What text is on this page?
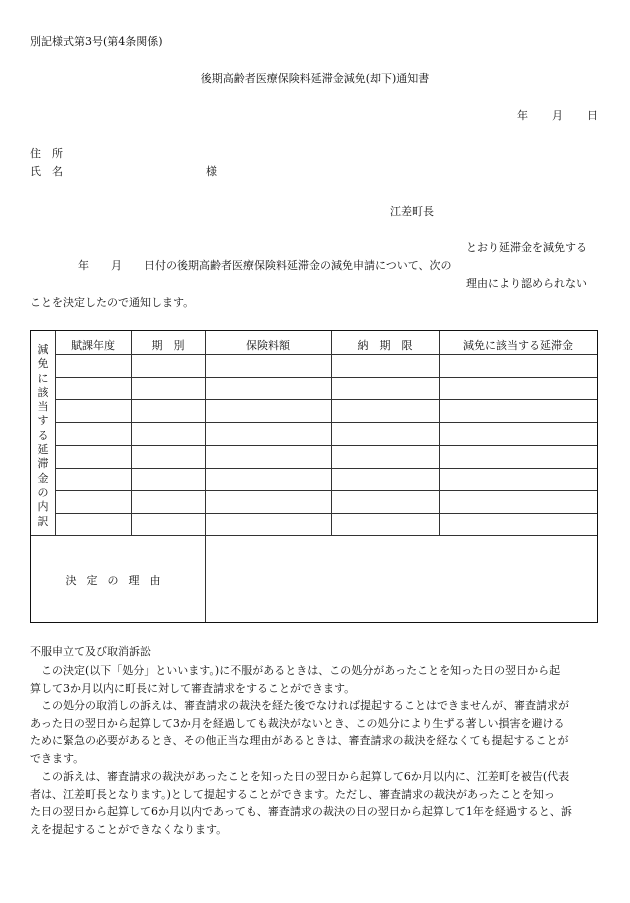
別記様式第3号(第4条関係)
後期高齢者医療保険料延滞金減免(却下)通知書
年 月 日
住　所
氏　名	様
江差町長
とおり延滞金を減免する
年　　月　　日付の後期高齢者医療保険料延滞金の減免申請について、次の
理由により認められない
ことを決定したので通知します。
減
免
に
該
当
す
る
延
滞
金
の
内
訳
賦課年度	期　別	保険料額	納　期　限	減免に該当する延滞金
決定の理由
不服申立て及び取消訴訟
　この決定(以下「処分」といいます。)に不服があるときは、この処分があったことを知った日の翌日から起
算して3か月以内に町長に対して審査請求をすることができます。
　この処分の取消しの訴えは、審査請求の裁決を経た後でなければ提起することはできませんが、審査請求が
あった日の翌日から起算して3か月を経過しても裁決がないとき、この処分により生ずる著しい損害を避ける
ために緊急の必要があるとき、その他正当な理由があるときは、審査請求の裁決を経なくても提起することが
できます。
　この訴えは、審査請求の裁決があったことを知った日の翌日から起算して6か月以内に、江差町を被告(代表
者は、江差町長となります。)として提起することができます。ただし、審査請求の裁決があったことを知っ
た日の翌日から起算して6か月以内であっても、審査請求の裁決の日の翌日から起算して1年を経過すると、訴
えを提起することができなくなります。
